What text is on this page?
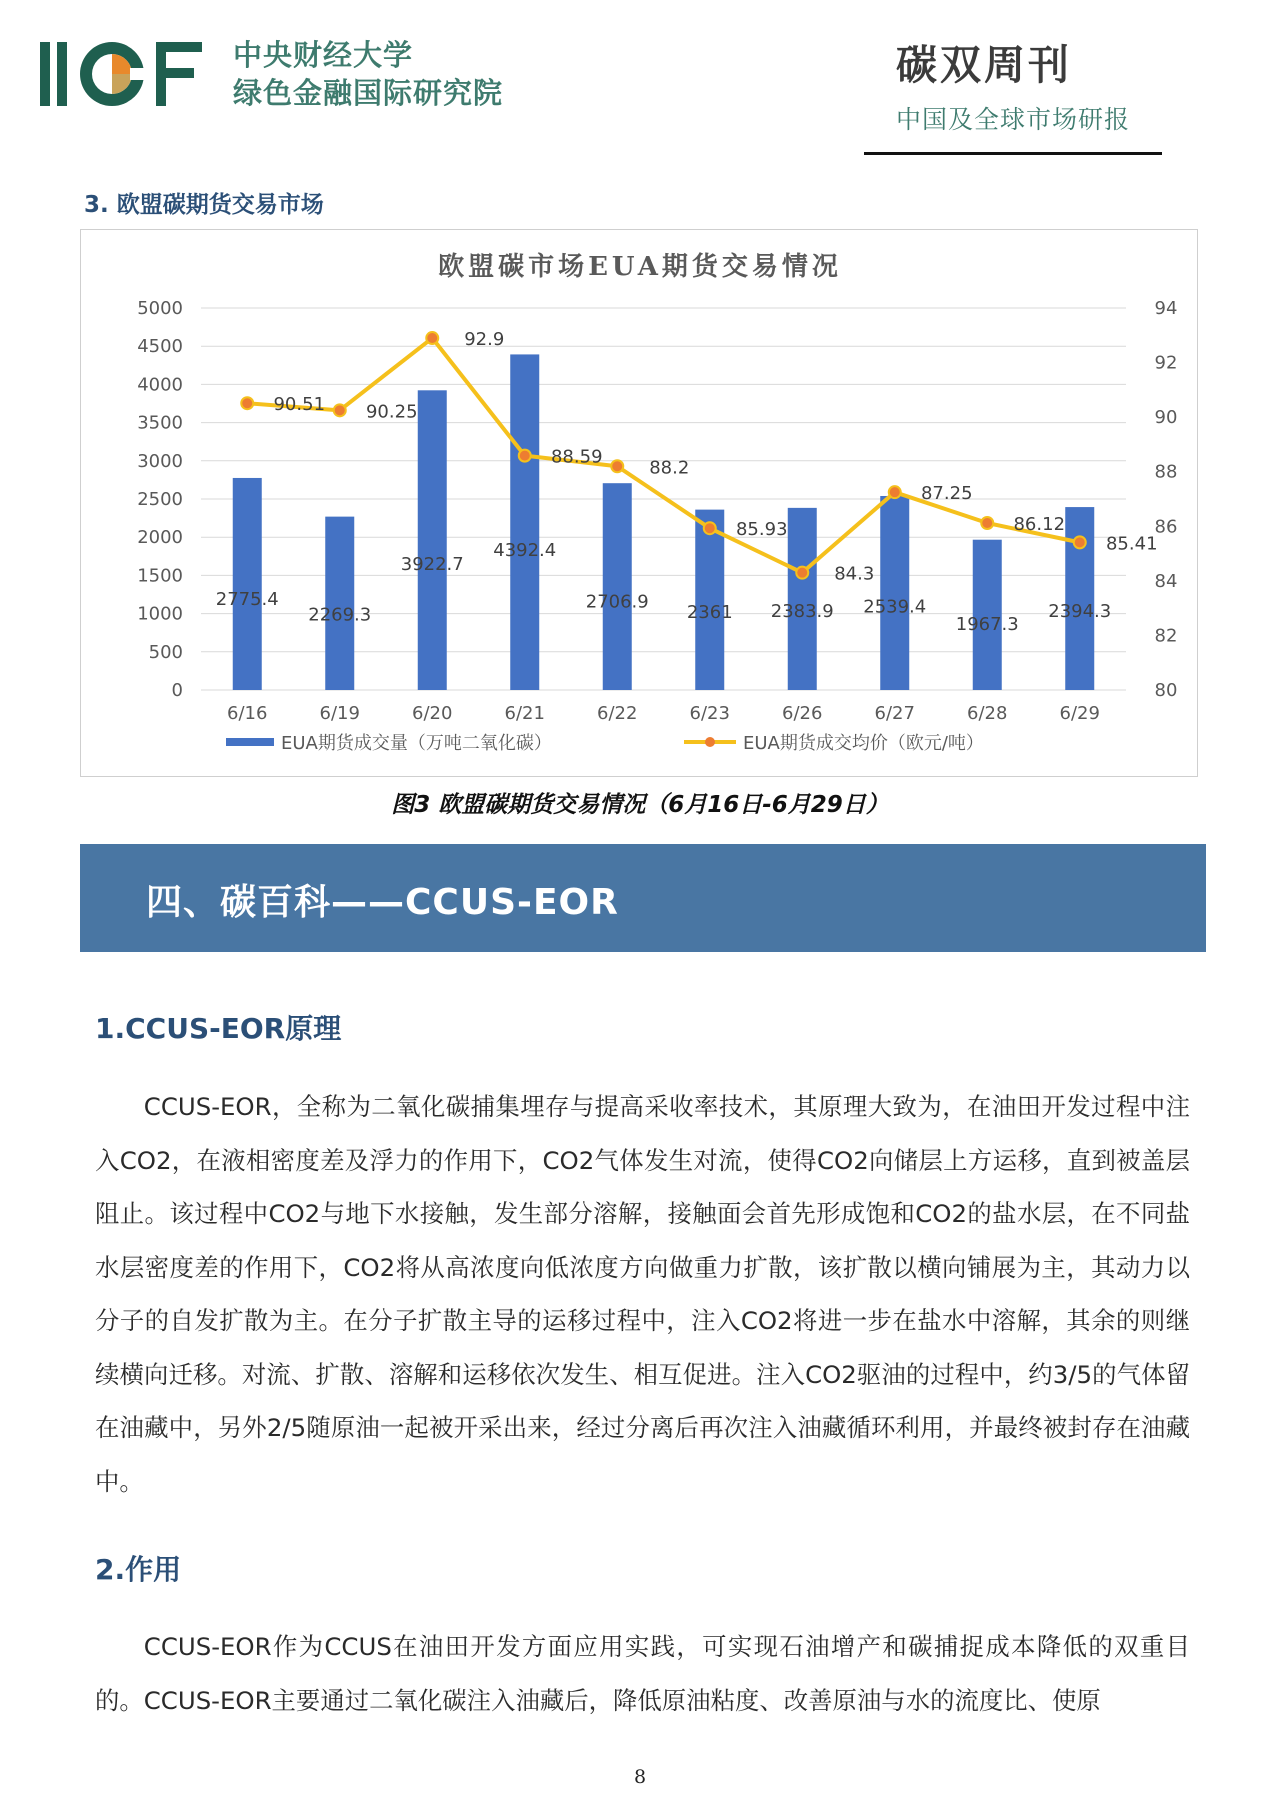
中央财经大学
绿色金融国际研究院
碳双周刊
中国及全球市场研报
3. 欧盟碳期货交易市场
欧盟碳市场EUA期货交易情况
2775.4
2269.3
3922.7
4392.4
2706.9
2361 2383.9 2539.4
1967.3
2394.3
90.51 90.25
92.9
88.59
88.2
85.93
84.3
87.25
86.12
85.41
0
500
1000
1500
2000
2500
3000
3500
4000
4500
5000
80
82
84
86
88
90
92
94
6/16	6/19	6/20	6/21	6/22	6/23	6/26	6/27	6/28	6/29
EUA期货成交量（万吨二氧化碳）	EUA期货成交均价（欧元/吨）
图3 欧盟碳期货交易情况（6月16日-6月29日）
四、碳百科——CCUS-EOR
1.CCUS-EOR原理
CCUS-EOR，全称为二氧化碳捕集埋存与提高采收率技术，其原理大致为，在油田开发过程中注入CO2，在液相密度差及浮力的作用下，CO2气体发生对流，使得CO2向储层上方运移，直到被盖层阻止。该过程中CO2与地下水接触，发生部分溶解，接触面会首先形成饱和CO2的盐水层，在不同盐水层密度差的作用下，CO2将从高浓度向低浓度方向做重力扩散，该扩散以横向铺展为主，其动力以分子的自发扩散为主。在分子扩散主导的运移过程中，注入CO2将进一步在盐水中溶解，其余的则继续横向迁移。对流、扩散、溶解和运移依次发生、相互促进。注入CO2驱油的过程中，约3/5的气体留在油藏中，另外2/5随原油一起被开采出来，经过分离后再次注入油藏循环利用，并最终被封存在油藏中。
2.作用
CCUS-EOR作为CCUS在油田开发方面应用实践，可实现石油增产和碳捕捉成本降低的双重目的。CCUS-EOR主要通过二氧化碳注入油藏后，降低原油粘度、改善原油与水的流度比、使原
8
